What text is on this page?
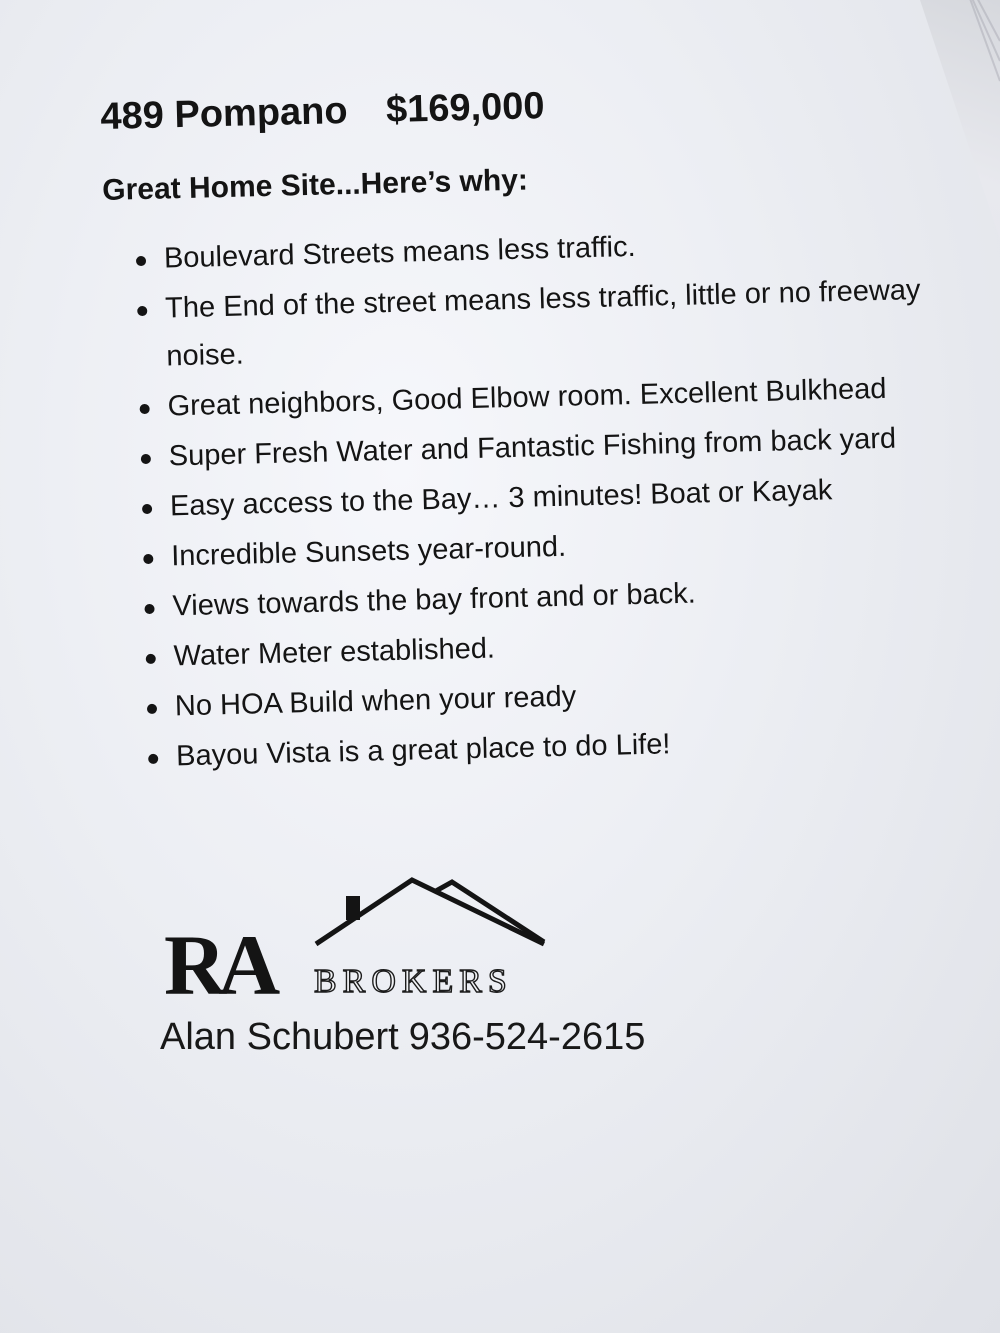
489 Pompano $169,000
Great Home Site...Here’s why:
Boulevard Streets means less traffic.
The End of the street means less traffic, little or no freeway noise.
Great neighbors, Good Elbow room. Excellent Bulkhead
Super Fresh Water and Fantastic Fishing from back yard
Easy access to the Bay… 3 minutes! Boat or Kayak
Incredible Sunsets year-round.
Views towards the bay front and or back.
Water Meter established.
No HOA Build when your ready
Bayou Vista is a great place to do Life!
RA BROKERS
Alan Schubert 936-524-2615
